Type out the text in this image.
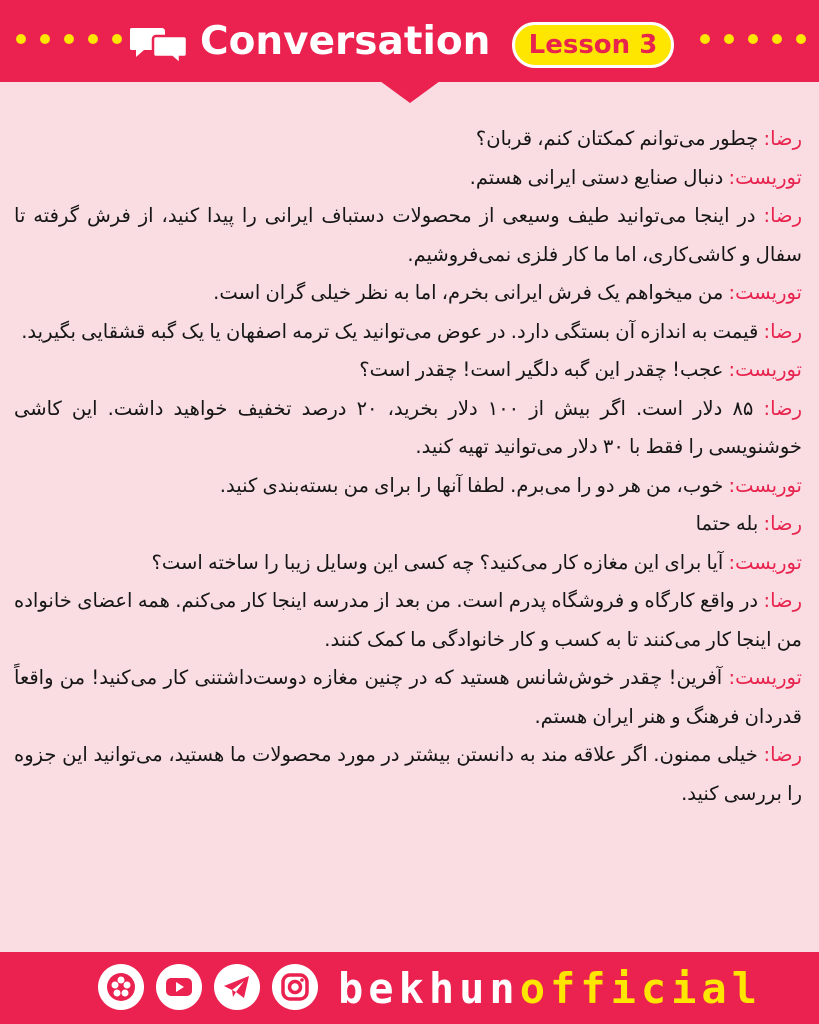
Conversation	Lesson 3
رضا: چطور می‌توانم کمکتان کنم، قربان؟
توریست: دنبال صنایع دستی ایرانی هستم.
رضا: در اینجا می‌توانید طیف وسیعی از محصولات دستباف ایرانی را پیدا کنید، از فرش گرفته تا سفال و کاشی‌کاری، اما ما کار فلزی نمی‌فروشیم.
توریست: من میخواهم یک فرش ایرانی بخرم، اما به نظر خیلی گران است.
رضا: قیمت به اندازه آن بستگی دارد. در عوض می‌توانید یک ترمه اصفهان یا یک گبه قشقایی بگیرید.
توریست: عجب! چقدر این گبه دلگیر است! چقدر است؟
رضا: ۸۵ دلار است. اگر بیش از ۱۰۰ دلار بخرید، ۲۰ درصد تخفیف خواهید داشت. این کاشی خوشنویسی را فقط با ۳۰ دلار می‌توانید تهیه کنید.
توریست: خوب، من هر دو را می‌برم. لطفا آنها را برای من بسته‌بندی کنید.
رضا: بله حتما
توریست: آیا برای این مغازه کار می‌کنید؟ چه کسی این وسایل زیبا را ساخته است؟
رضا: در واقع کارگاه و فروشگاه پدرم است. من بعد از مدرسه اینجا کار می‌کنم. همه اعضای خانواده من اینجا کار می‌کنند تا به کسب و کار خانوادگی ما کمک کنند.
توریست: آفرین! چقدر خوش‌شانس هستید که در چنین مغازه دوست‌داشتنی کار می‌کنید! من واقعاً قدردان فرهنگ و هنر ایران هستم.
رضا: خیلی ممنون. اگر علاقه مند به دانستن بیشتر در مورد محصولات ما هستید، می‌توانید این جزوه را بررسی کنید.
bekhunofficial
